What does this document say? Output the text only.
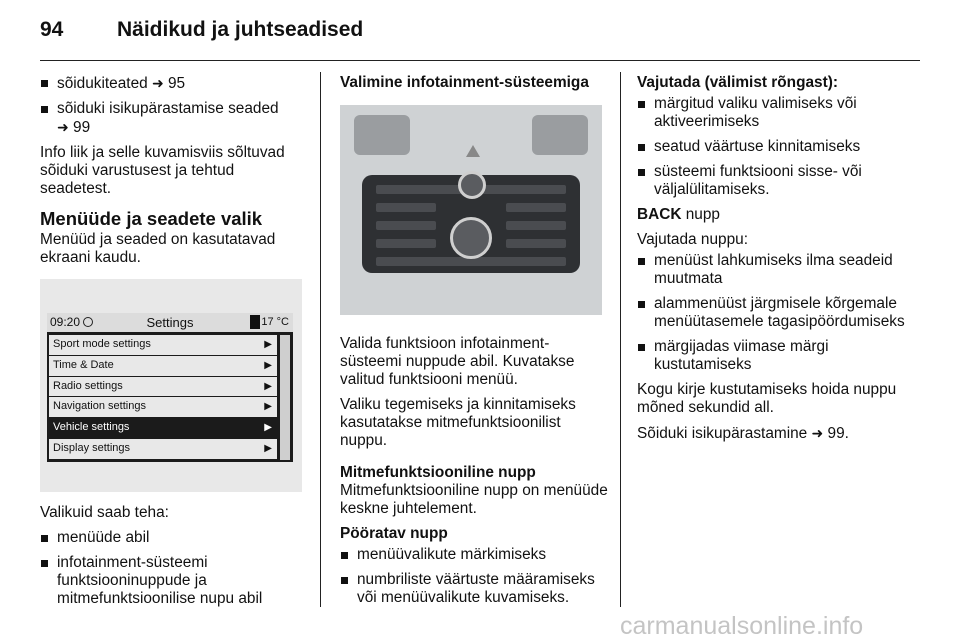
94	Näidikud ja juhtseadised
sõidukiteated ➜ 95
sõiduki isikupärastamise seaded
➜ 99

Info liik ja selle kuvamisviis sõltuvad sõiduki varustusest ja tehtud seadetest.

Menüüde ja seadete valik

Menüüd ja seaded on kasutatavad ekraani kaudu.

09:20	Settings	17 °C
Sport mode settings	▶
Time & Date	▶
Radio settings	▶
Navigation settings	▶
Vehicle settings	▶
Display settings	▶

Valikuid saab teha:

menüüde abil
infotainment-süsteemi funktsiooninuppude ja mitmefunktsioonilise nupu abil
Valimine infotainment-süsteemiga

Valida funktsioon infotainment-süsteemi nuppude abil. Kuvatakse valitud funktsiooni menüü.

Valiku tegemiseks ja kinnitamiseks kasutatakse mitmefunktsioonilist nuppu.

Mitmefunktsiooniline nupp

Mitmefunktsiooniline nupp on menüüde keskne juhtelement.

Pööratav nupp
menüüvalikute märkimiseks
numbriliste väärtuste määramiseks või menüüvalikute kuvamiseks.
Vajutada (välimist rõngast):
märgitud valiku valimiseks või aktiveerimiseks
seatud väärtuse kinnitamiseks
süsteemi funktsiooni sisse- või väljalülitamiseks.

BACK nupp

Vajutada nuppu:

menüüst lahkumiseks ilma seadeid muutmata
alammenüüst järgmisele kõrgemale menüütasemele tagasipöördumiseks
märgijadas viimase märgi kustutamiseks

Kogu kirje kustutamiseks hoida nuppu mõned sekundid all.

Sõiduki isikupärastamine ➜ 99.

carmanualsonline.info
